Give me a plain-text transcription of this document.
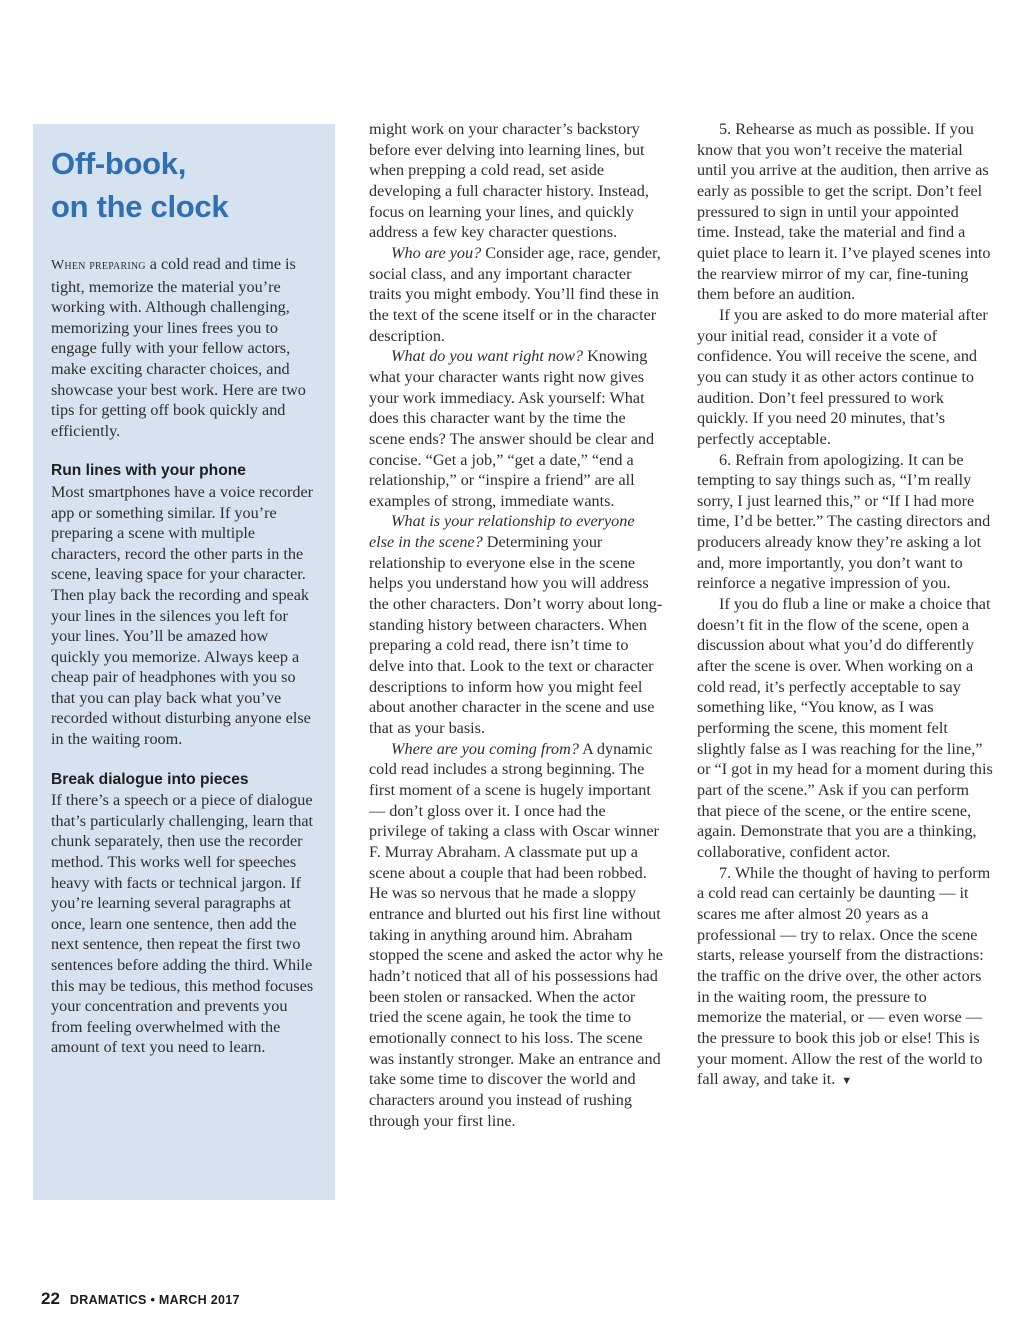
Off-book,
on the clock

When preparing a cold read and time is tight, memorize the material you’re working with. Although challenging, memorizing your lines frees you to engage fully with your fellow actors, make exciting character choices, and showcase your best work. Here are two tips for getting off book quickly and efficiently.

Run lines with your phone

Most smartphones have a voice recorder app or something similar. If you’re preparing a scene with multiple characters, record the other parts in the scene, leaving space for your character. Then play back the recording and speak your lines in the silences you left for your lines. You’ll be amazed how quickly you memorize. Always keep a cheap pair of headphones with you so that you can play back what you’ve recorded without disturbing anyone else in the waiting room.

Break dialogue into pieces

If there’s a speech or a piece of dialogue that’s particularly challenging, learn that chunk separately, then use the recorder method. This works well for speeches heavy with facts or technical jargon. If you’re learning several paragraphs at once, learn one sentence, then add the next sentence, then repeat the first two sentences before adding the third. While this may be tedious, this method focuses your concentration and prevents you from feeling overwhelmed with the amount of text you need to learn.

might work on your character’s backstory before ever delving into learning lines, but when prepping a cold read, set aside developing a full character history. Instead, focus on learning your lines, and quickly address a few key character questions.

Who are you? Consider age, race, gender, social class, and any important character traits you might embody. You’ll find these in the text of the scene itself or in the character description.

What do you want right now? Knowing what your character wants right now gives your work immediacy. Ask yourself: What does this character want by the time the scene ends? The answer should be clear and concise. “Get a job,” “get a date,” “end a relationship,” or “inspire a friend” are all examples of strong, immediate wants.

What is your relationship to everyone else in the scene? Determining your relationship to everyone else in the scene helps you understand how you will address the other characters. Don’t worry about long-standing history between characters. When preparing a cold read, there isn’t time to delve into that. Look to the text or character descriptions to inform how you might feel about another character in the scene and use that as your basis.

Where are you coming from? A dynamic cold read includes a strong beginning. The first moment of a scene is hugely important — don’t gloss over it. I once had the privilege of taking a class with Oscar winner F. Murray Abraham. A classmate put up a scene about a couple that had been robbed. He was so nervous that he made a sloppy entrance and blurted out his first line without taking in anything around him. Abraham stopped the scene and asked the actor why he hadn’t noticed that all of his possessions had been stolen or ransacked. When the actor tried the scene again, he took the time to emotionally connect to his loss. The scene was instantly stronger. Make an entrance and take some time to discover the world and characters around you instead of rushing through your first line.

5. Rehearse as much as possible. If you know that you won’t receive the material until you arrive at the audition, then arrive as early as possible to get the script. Don’t feel pressured to sign in until your appointed time. Instead, take the material and find a quiet place to learn it. I’ve played scenes into the rearview mirror of my car, fine-tuning them before an audition.

If you are asked to do more material after your initial read, consider it a vote of confidence. You will receive the scene, and you can study it as other actors continue to audition. Don’t feel pressured to work quickly. If you need 20 minutes, that’s perfectly acceptable.

6. Refrain from apologizing. It can be tempting to say things such as, “I’m really sorry, I just learned this,” or “If I had more time, I’d be better.” The casting directors and producers already know they’re asking a lot and, more importantly, you don’t want to reinforce a negative impression of you.

If you do flub a line or make a choice that doesn’t fit in the flow of the scene, open a discussion about what you’d do differently after the scene is over. When working on a cold read, it’s perfectly acceptable to say something like, “You know, as I was performing the scene, this moment felt slightly false as I was reaching for the line,” or “I got in my head for a moment during this part of the scene.” Ask if you can perform that piece of the scene, or the entire scene, again. Demonstrate that you are a thinking, collaborative, confident actor.

7. While the thought of having to perform a cold read can certainly be daunting — it scares me after almost 20 years as a professional — try to relax. Once the scene starts, release yourself from the distractions: the traffic on the drive over, the other actors in the waiting room, the pressure to memorize the material, or — even worse — the pressure to book this job or else! This is your moment. Allow the rest of the world to fall away, and take it. ▼

22 DRAMATICS • MARCH 2017
